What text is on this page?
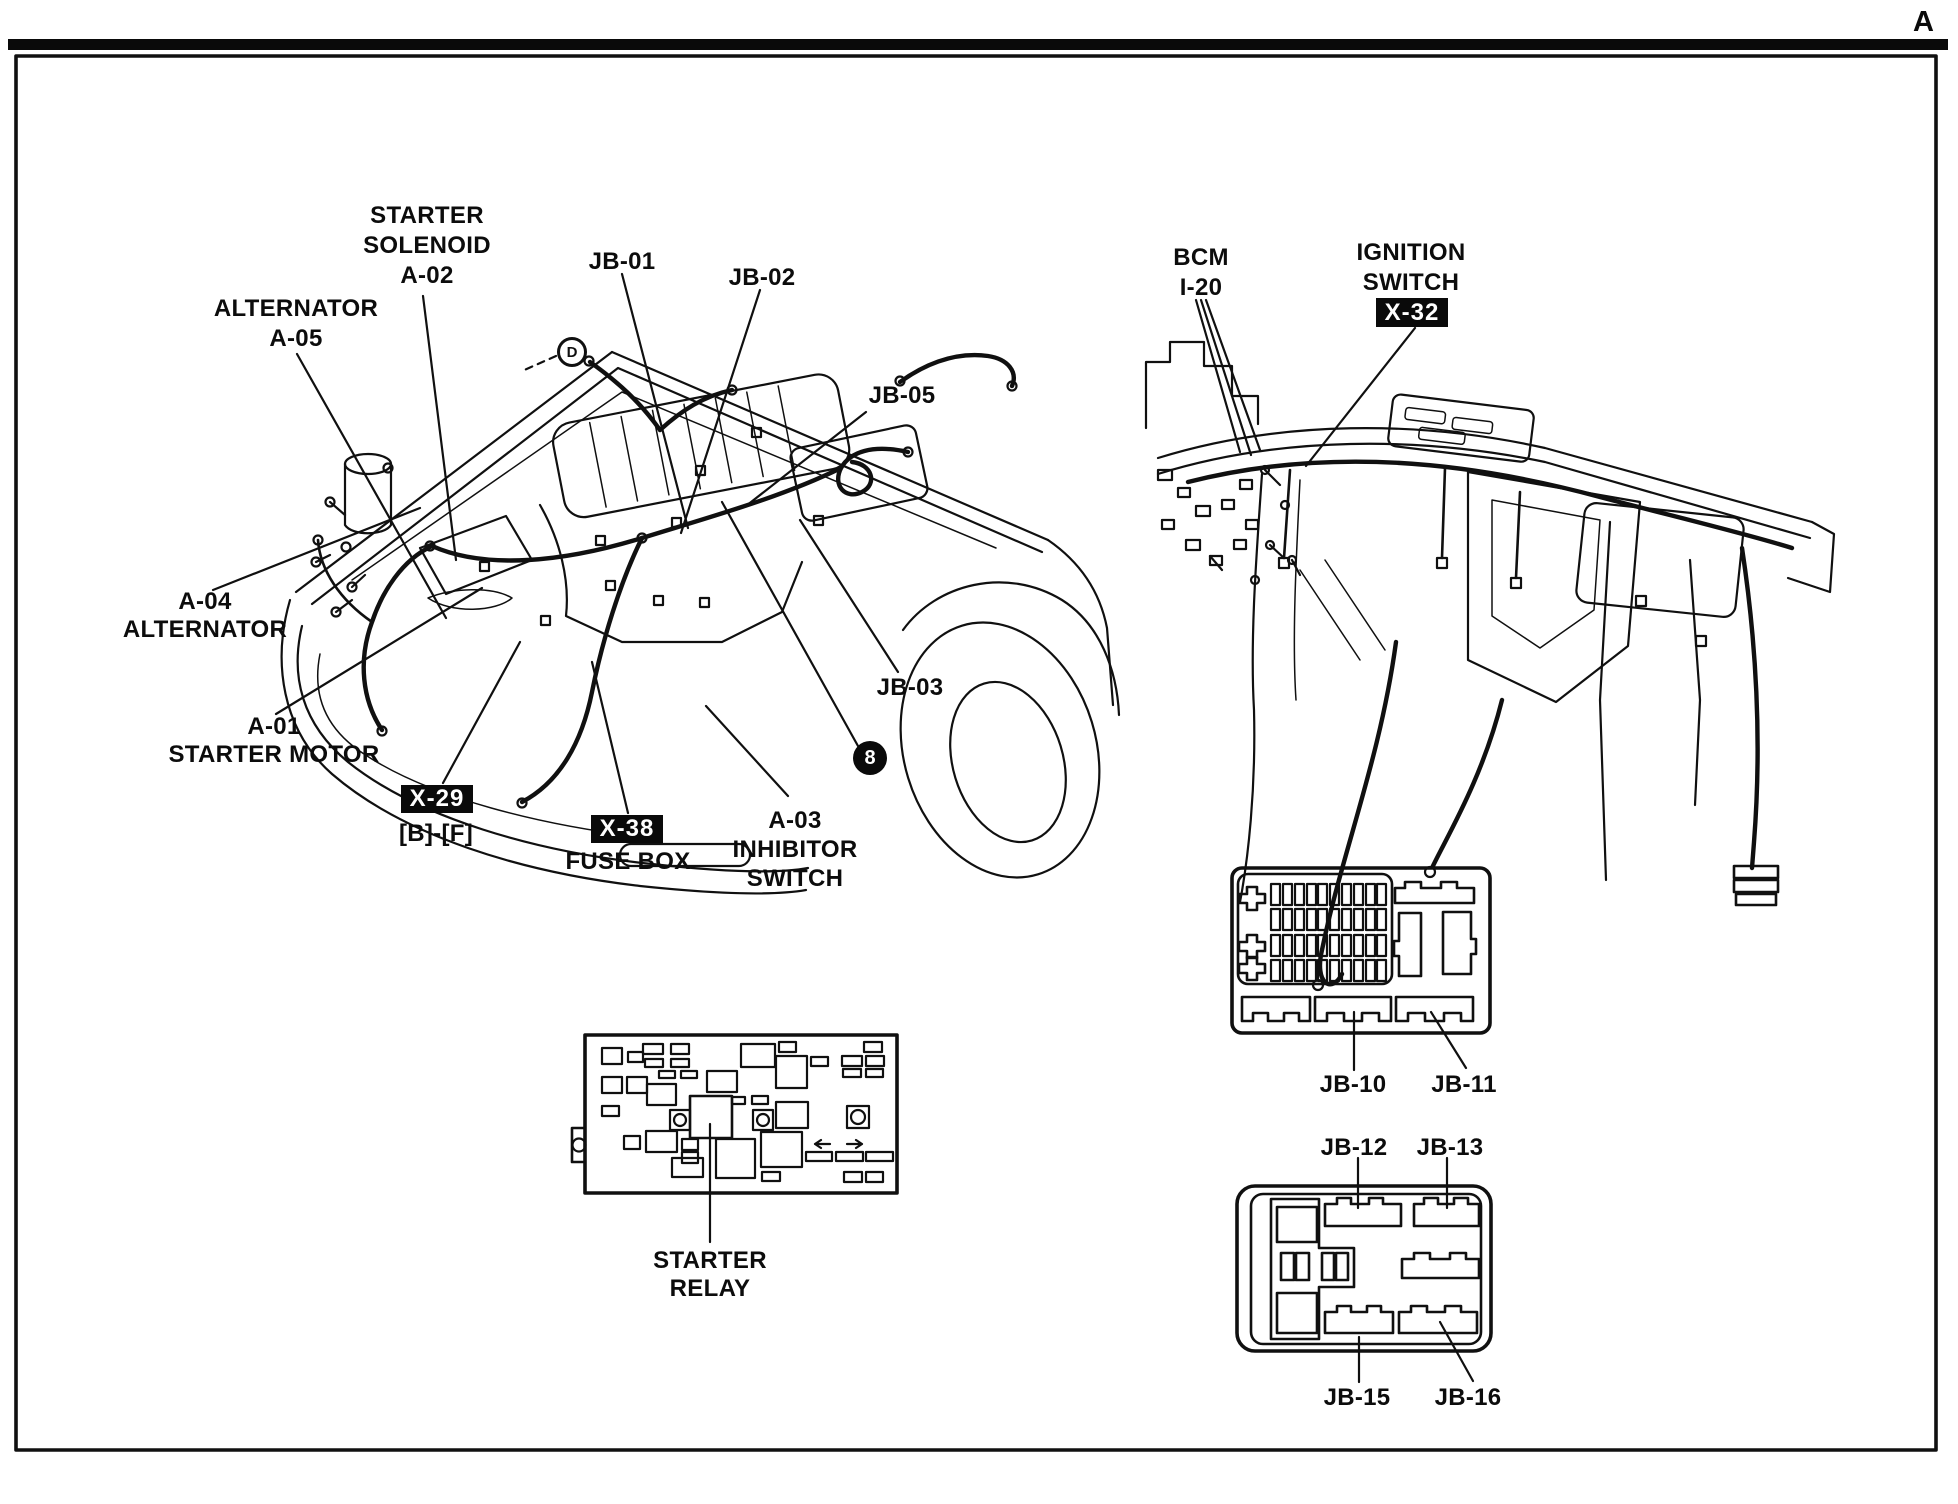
A
STARTER
SOLENOID
A-02
ALTERNATOR
A-05
JB-01
JB-02
JB-05
JB-03
A-04
ALTERNATOR
A-01
STARTER MOTOR
X-29
[B]-[F]	X-38
FUSE BOX
A-03
INHIBITOR
SWITCH
8
D
BCM
I-20
IGNITION
SWITCH
X-32
JB-10 JB-11
JB-12 JB-13
JB-15 JB-16
STARTER
RELAY
